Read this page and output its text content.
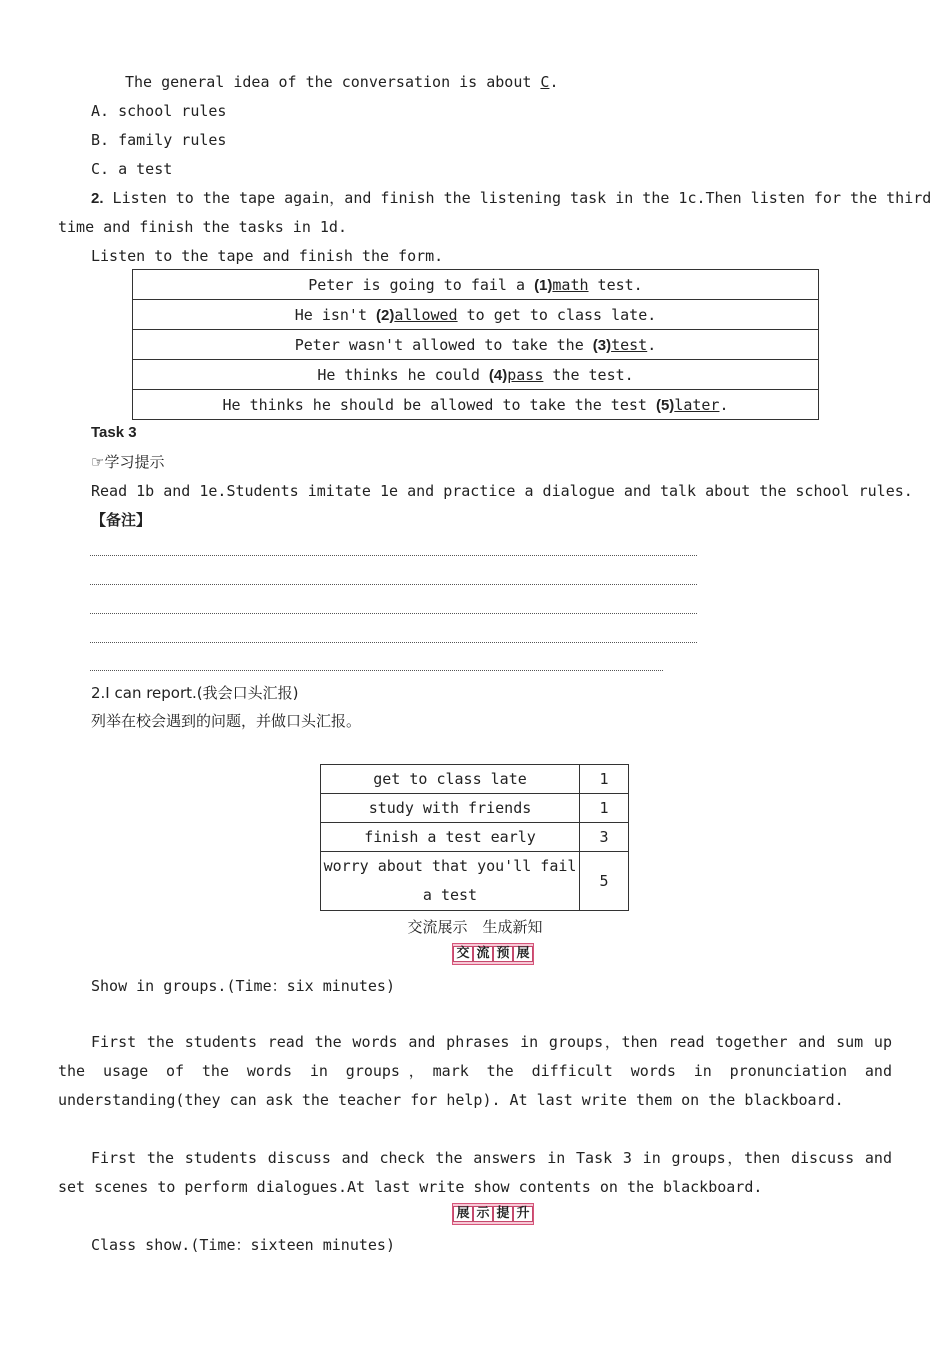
The general idea of the conversation is about C.
A. school rules
B. family rules
C. a test
2. Listen to the tape again，and finish the listening task in the 1c.Then listen for the third
time and finish the tasks in 1d.
Listen to the tape and finish the form.
Peter is going to fail a (1)math test.
He isn't (2)allowed to get to class late.
Peter wasn't allowed to take the (3)test.
He thinks he could (4)pass the test.
He thinks he should be allowed to take the test (5)later.
Task 3
☞学习提示
Read 1b and 1e.Students imitate 1e and practice a dialogue and talk about the school rules.
【备注】
2.I can report.(我会口头汇报)
列举在校会遇到的问题，并做口头汇报。
get to class late	1
study with friends	1
finish a test early	3

worry about that you'll fail
a test	5
交流展示　生成新知
交 流 预 展
Show in groups.(Time：six minutes)
First the students read the words and phrases in groups，then read together and sum up the usage of the words in groups，mark the difficult words in pronunciation and understanding(they can ask the teacher for help). At last write them on the blackboard.
First the students discuss and check the answers in Task 3 in groups，then discuss and set scenes to perform dialogues.At last write show contents on the blackboard.
展 示 提 升
Class show.(Time：sixteen minutes)
